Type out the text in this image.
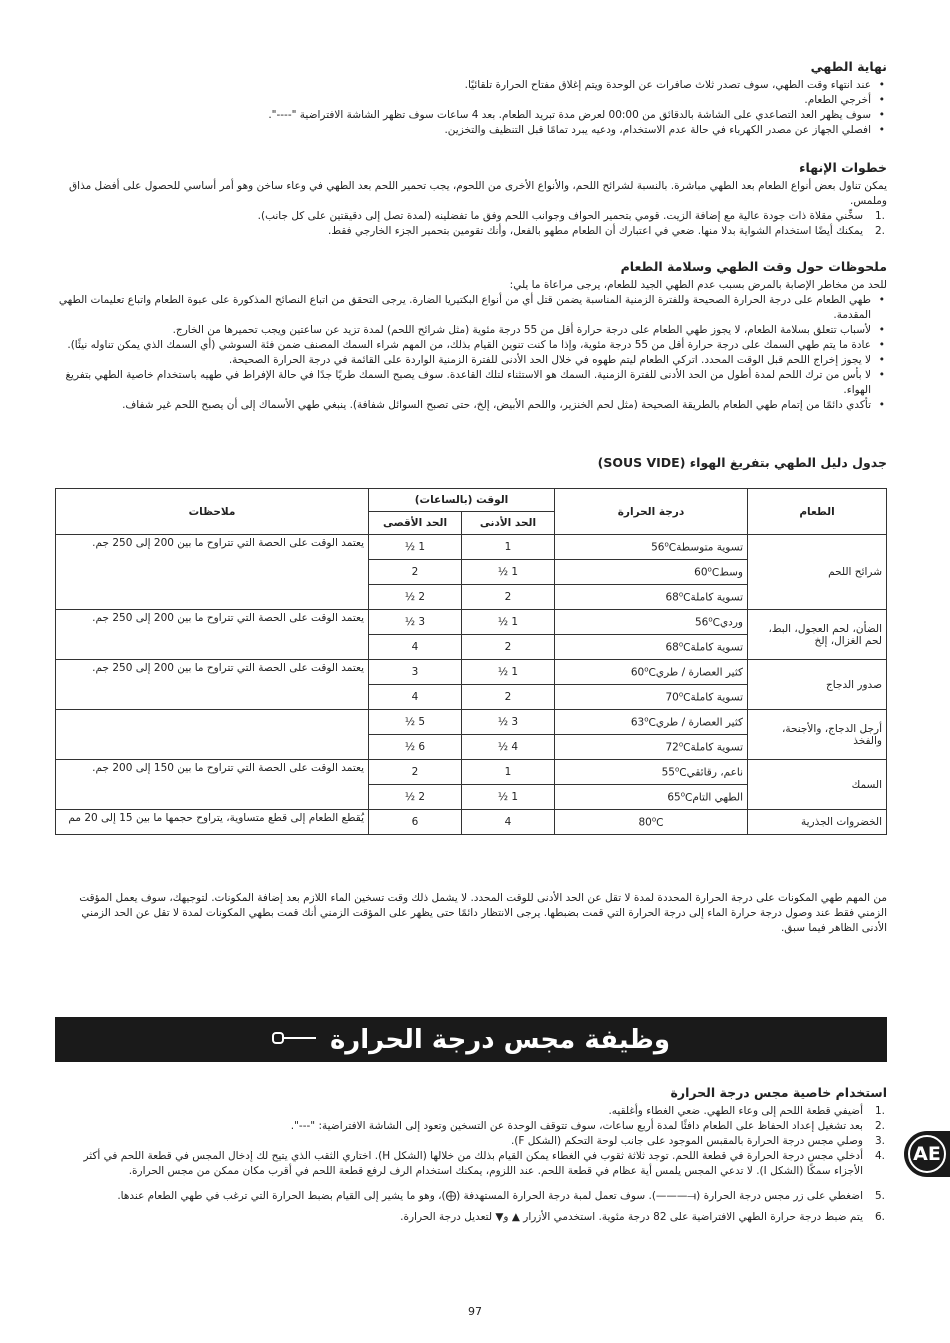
نهاية الطهي
• عند انتهاء وقت الطهي، سوف تصدر ثلاث صافرات عن الوحدة ويتم إغلاق مفتاح الحرارة تلقائيًا.
• أخرجي الطعام.
• سوف يظهر العد التصاعدي على الشاشة بالدقائق من 00:00 لعرض مدة تبريد الطعام. بعد 4 ساعات سوف تظهر الشاشة الافتراضية "----".
• افصلي الجهاز عن مصدر الكهرباء في حالة عدم الاستخدام، ودعيه يبرد تمامًا قبل التنظيف والتخزين.
خطوات الإنهاء

يمكن تناول بعض أنواع الطعام بعد الطهي مباشرة. بالنسبة لشرائح اللحم، والأنواع الأخرى من اللحوم، يجب تحمير اللحم بعد الطهي في وعاء ساخن وهو أمر أساسي للحصول على أفضل مذاق وملمس.

1.
سخِّني مقلاة ذات جودة عالية مع إضافة الزيت. قومي بتحمير الحواف وجوانب اللحم وفق ما تفضلينه (لمدة تصل إلى دقيقتين على كل جانب).
2.
يمكنك أيضًا استخدام الشواية بدلا منها. ضعي في اعتبارك أن الطعام مطهو بالفعل، وأنك تقومين بتحمير الجزء الخارجي فقط.
ملحوظات حول وقت الطهي وسلامة الطعام

للحد من مخاطر الإصابة بالمرض بسبب عدم الطهي الجيد للطعام، يرجى مراعاة ما يلي:

• طهي الطعام على درجة الحرارة الصحيحة وللفترة الزمنية المناسبة يضمن قتل أي من أنواع البكتيريا الضارة. يرجى التحقق من اتباع النصائح المذكورة على عبوة الطعام واتباع تعليمات الطهي المقدمة.
• لأسباب تتعلق بسلامة الطعام، لا يجوز طهي الطعام على درجة حرارة أقل من 55 درجة مئوية (مثل شرائح اللحم) لمدة تزيد عن ساعتين ويجب تحميرها من الخارج.
• عادة ما يتم طهي السمك على درجة حرارة أقل من 55 درجة مئوية، وإذا ما كنت تنوين القيام بذلك، من المهم شراء السمك المصنف ضمن فئة السوشي (أي السمك الذي يمكن تناوله نيئًا).
• لا يجوز إخراج اللحم قبل الوقت المحدد. اتركي الطعام ليتم طهوه في خلال الحد الأدنى للفترة الزمنية الواردة على القائمة في درجة الحرارة الصحيحة.
• لا بأس من ترك اللحم لمدة أطول من الحد الأدنى للفترة الزمنية. السمك هو الاستثناء لتلك القاعدة. سوف يصبح السمك طريًا جدًا في حالة الإفراط في طهيه باستخدام خاصية الطهي بتفريغ الهواء.
• تأكدي دائمًا من إتمام طهي الطعام بالطريقة الصحيحة (مثل لحم الخنزير، واللحم الأبيض، إلخ، حتى تصبح السوائل شفافة). ينبغي طهي الأسماك إلى أن يصبح اللحم غير شفاف.
جدول دليل الطهي بتفريغ الهواء (SOUS VIDE)
الطعام	درجة الحرارة	الوقت (بالساعات)		ملاحظات
		الحد الأدنى	الحد الأقصى	
شرائح اللحم	تسوية متوسطة56$^o$C	1	1 ½	يعتمد الوقت على الحصة التي تتراوح ما بين 200 إلى 250 جم.
	وسط60$^o$C	1 ½	2	
	تسوية كاملة68$^o$C	2	2 ½	
الضأن، لحم العجول، البط، لحم الغزال، إلخ	وردي56$^o$C	1 ½	3 ½	يعتمد الوقت على الحصة التي تتراوح ما بين 200 إلى 250 جم.
	تسوية كاملة68$^o$C	2	4	
صدور الدجاج	كثير العصارة / طري60$^o$C	1 ½	3	يعتمد الوقت على الحصة التي تتراوح ما بين 200 إلى 250 جم.
	تسوية كاملة70$^o$C	2	4	
أرجل الدجاج، والأجنحة، والفخذ	كثير العصارة / طري63$^o$C	3 ½	5 ½	
	تسوية كاملة72$^o$C	4 ½	6 ½	
السمك	ناعم، رقائقي55$^o$C	1	2	يعتمد الوقت على الحصة التي تتراوح ما بين 150 إلى 200 جم.
	الطهي التام65$^o$C	1 ½	2 ½	
الخضروات الجذرية	80$^o$C	4	6	يُقطع الطعام إلى قطع متساوية، يتراوح حجمها ما بين 15 إلى 20 مم

من المهم طهي المكونات على درجة الحرارة المحددة لمدة لا تقل عن الحد الأدنى للوقت المحدد. لا يشمل ذلك وقت تسخين الماء اللازم بعد إضافة المكونات. لتوجيهك، سوف يعمل المؤقت الزمني فقط عند وصول درجة حرارة الماء إلى درجة الحرارة التي قمت بضبطها. يرجى الانتظار دائمًا حتى يظهر على المؤقت الزمني أنك قمت بطهي المكونات لمدة لا تقل عن الحد الزمني الأدنى الظاهر فيما سبق.

وظيفة مجس درجة الحرارة
استخدام خاصية مجس درجة الحرارة
1.
أضيفي قطعة اللحم إلى وعاء الطهي. ضعي الغطاء وأغلقيه.
2.
بعد تشغيل إعداد الحفاظ على الطعام دافئًا لمدة أربع ساعات، سوف تتوقف الوحدة عن التسخين وتعود إلى الشاشة الافتراضية: "---".
3.
وصلي مجس درجة الحرارة بالمقبس الموجود على جانب لوحة التحكم (الشكل F).
4.
أدخلي مجس درجة الحرارة في قطعة اللحم. توجد ثلاثة ثقوب في الغطاء يمكن القيام بذلك من خلالها (الشكل H). اختاري الثقب الذي يتيح لك إدخال المجس في قطعة اللحم في أكثر الأجزاء سمكًا (الشكل I). لا تدعي المجس يلمس أية عظام في قطعة اللحم. عند اللزوم، يمكنك استخدام الرف لرفع قطعة اللحم في أقرب مكان ممكن من مجس الحرارة.
5.
اضغطي على زر مجس درجة الحرارة (⟝———). سوف تعمل لمبة درجة الحرارة المستهدفة (⨁)، وهو ما يشير إلى القيام بضبط الحرارة التي ترغب في طهي الطعام عندها.
6.
يتم ضبط درجة حرارة الطهي الافتراضية على 82 درجة مئوية. استخدمي الأزرار ▲ و▼ لتعديل درجة الحرارة.
AE
97
